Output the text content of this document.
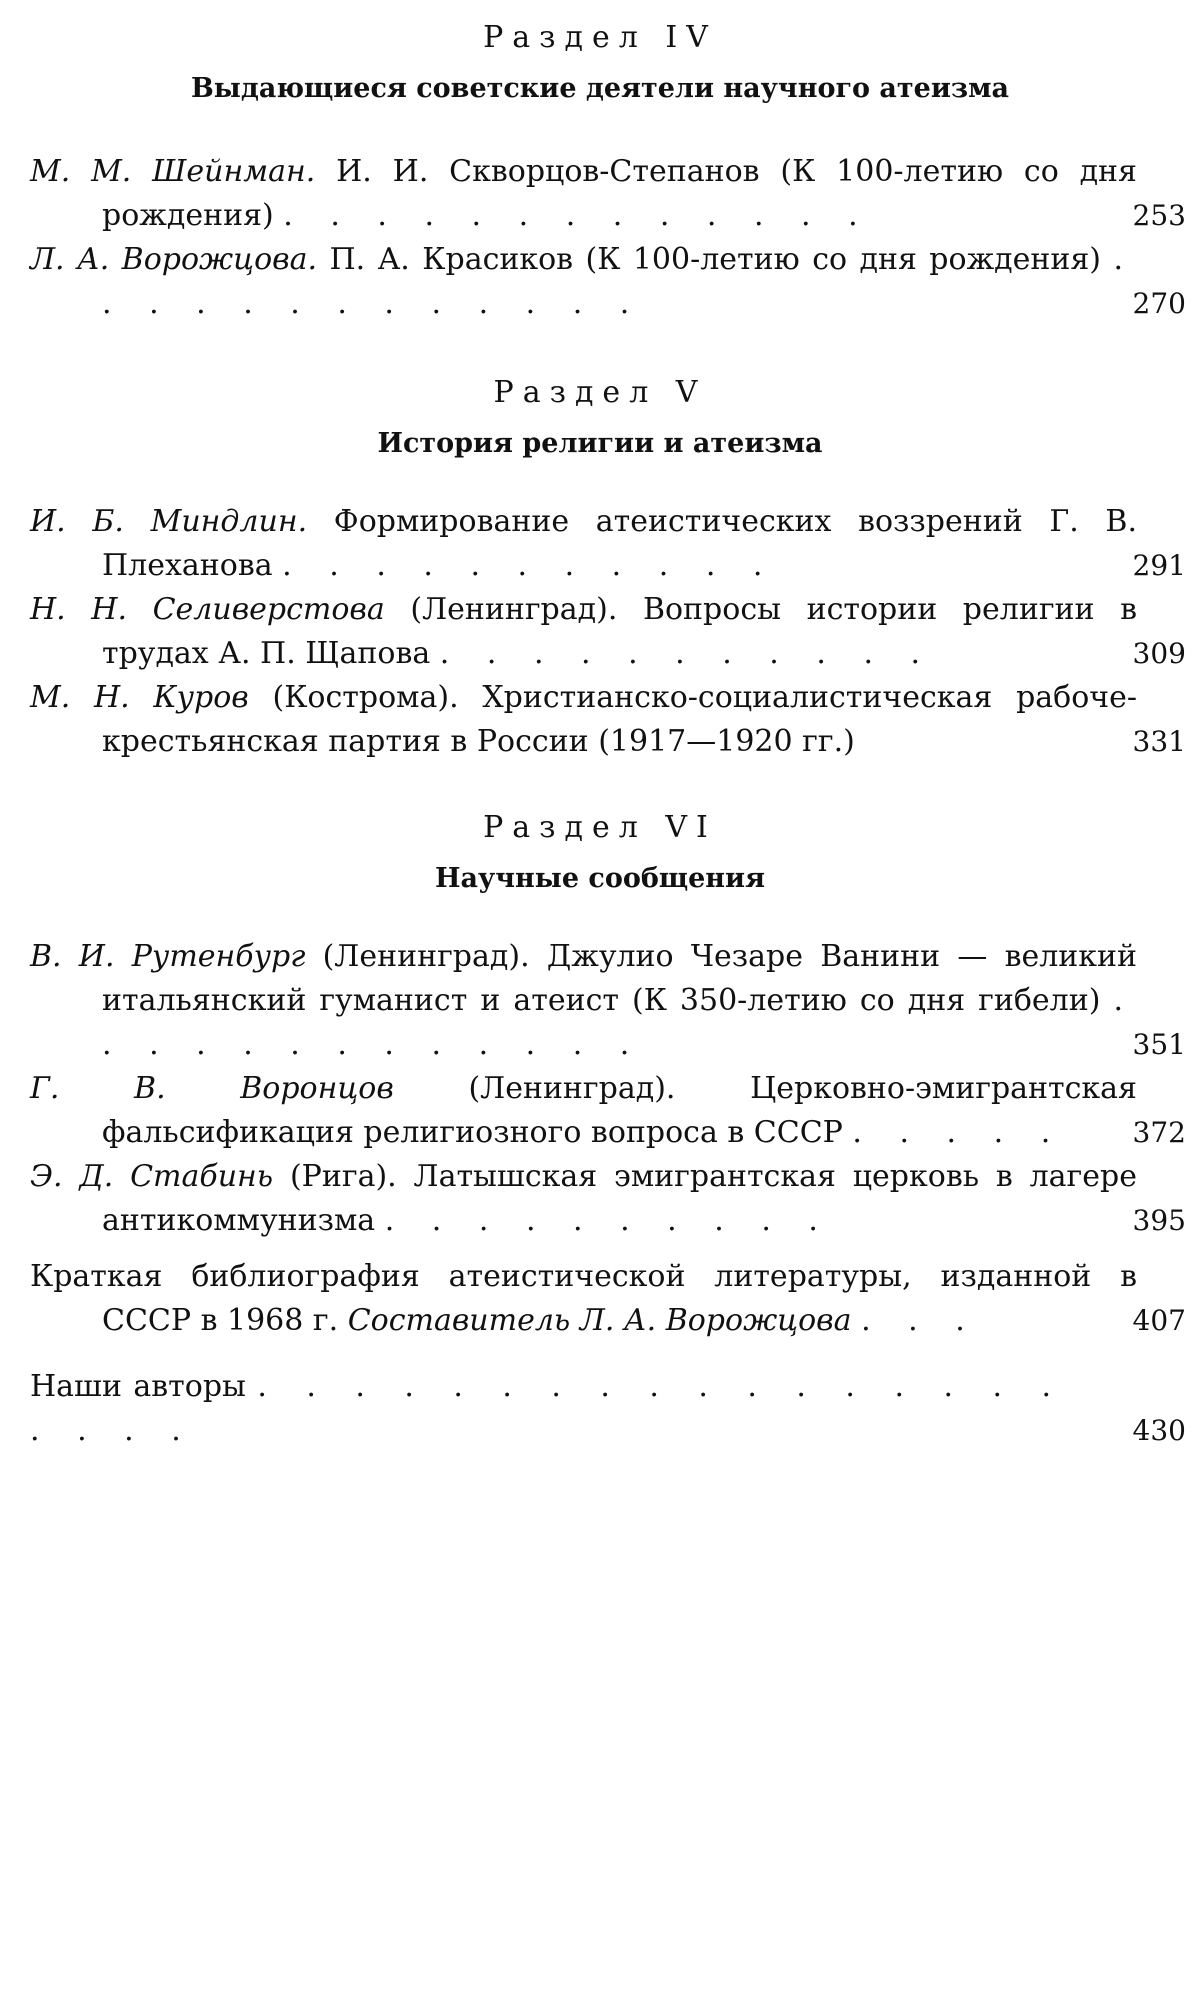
Раздел IV

Выдающиеся советские деятели научного атеизма

М. М. Шейнман. И. И. Скворцов-Степанов (К 100-летию со дня рождения) . . . . . . . . . . . . .	253
Л. А. Ворожцова. П. А. Красиков (К 100-летию со дня рождения) . . . . . . . . . . . . .	270

Раздел V

История религии и атеизма

И. Б. Миндлин. Формирование атеистических воззрений Г. В. Плеханова . . . . . . . . . . .	291
Н. Н. Селиверстова (Ленинград). Вопросы истории религии в трудах А. П. Щапова . . . . . . . . . . .	309
М. Н. Куров (Кострома). Христианско-социалистическая рабоче-крестьянская партия в России (1917—1920 гг.)	331

Раздел VI

Научные сообщения

В. И. Рутенбург (Ленинград). Джулио Чезаре Ванини — великий итальянский гуманист и атеист (К 350-летию со дня гибели) . . . . . . . . . . . . .	351
Г. В. Воронцов (Ленинград). Церковно-эмигрантская фальсификация религиозного вопроса в СССР . . . . .	372
Э. Д. Стабинь (Рига). Латышская эмигрантская церковь в лагере антикоммунизма . . . . . . . . . .	395
Краткая библиография атеистической литературы, изданной в СССР в 1968 г. Составитель Л. А. Ворожцова . . .	407
Наши авторы . . . . . . . . . . . . . . . . . . . . .	430
